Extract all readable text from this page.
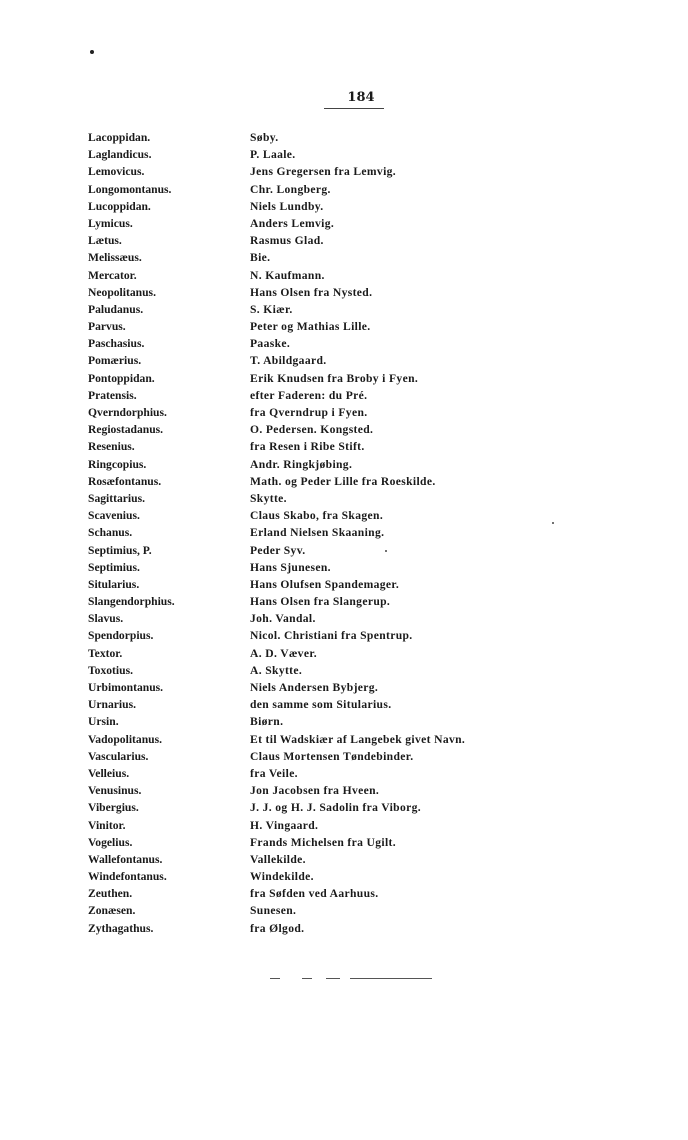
184
Lacoppidan.	Søby.
Laglandicus.	P. Laale.
Lemovicus.	Jens Gregersen fra Lemvig.
Longomontanus.	Chr. Longberg.
Lucoppidan.	Niels Lundby.
Lymicus.	Anders Lemvig.
Lætus.	Rasmus Glad.
Melissæus.	Bie.
Mercator.	N. Kaufmann.
Neopolitanus.	Hans Olsen fra Nysted.
Paludanus.	S. Kiær.
Parvus.	Peter og Mathias Lille.
Paschasius.	Paaske.
Pomærius.	T. Abildgaard.
Pontoppidan.	Erik Knudsen fra Broby i Fyen.
Pratensis.	efter Faderen: du Pré.
Qverndorphius.	fra Qverndrup i Fyen.
Regiostadanus.	O. Pedersen. Kongsted.
Resenius.	fra Resen i Ribe Stift.
Ringcopius.	Andr. Ringkjøbing.
Rosæfontanus.	Math. og Peder Lille fra Roeskilde.
Sagittarius.	Skytte.
Scavenius.	Claus Skabo, fra Skagen.
Schanus.	Erland Nielsen Skaaning.
Septimius, P.	Peder Syv.
Septimius.	Hans Sjunesen.
Sitularius.	Hans Olufsen Spandemager.
Slangendorphius.	Hans Olsen fra Slangerup.
Slavus.	Joh. Vandal.
Spendorpius.	Nicol. Christiani fra Spentrup.
Textor.	A. D. Væver.
Toxotius.	A. Skytte.
Urbimontanus.	Niels Andersen Bybjerg.
Urnarius.	den samme som Sitularius.
Ursin.	Biørn.
Vadopolitanus.	Et til Wadskiær af Langebek givet Navn.
Vascularius.	Claus Mortensen Tøndebinder.
Velleius.	fra Veile.
Venusinus.	Jon Jacobsen fra Hveen.
Vibergius.	J. J. og H. J. Sadolin fra Viborg.
Vinitor.	H. Vingaard.
Vogelius.	Frands Michelsen fra Ugilt.
Wallefontanus.	Vallekilde.
Windefontanus.	Windekilde.
Zeuthen.	fra Søfden ved Aarhuus.
Zonæsen.	Sunesen.
Zythagathus.	fra Ølgod.
